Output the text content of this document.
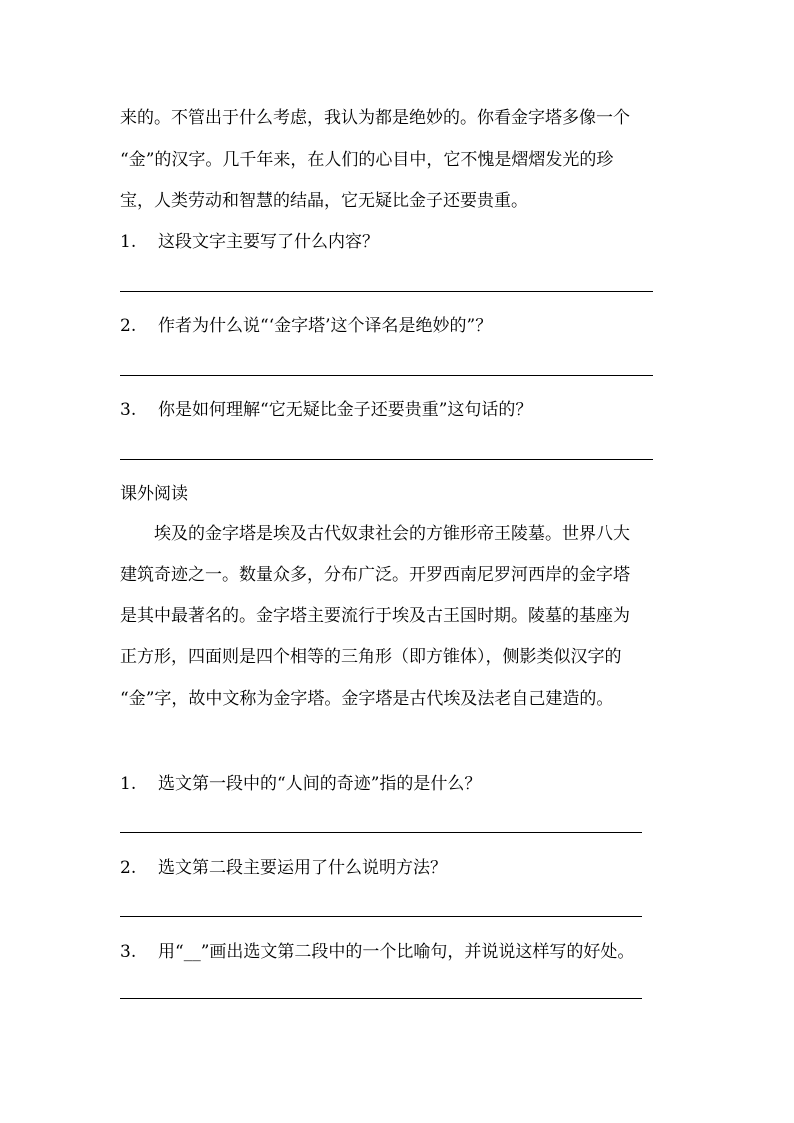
来的。不管出于什么考虑，我认为都是绝妙的。你看金字塔多像一个
“金”的汉字。几千年来，在人们的心目中，它不愧是熠熠发光的珍
宝，人类劳动和智慧的结晶，它无疑比金子还要贵重。
1. 这段文字主要写了什么内容？
2. 作者为什么说“‘金字塔’这个译名是绝妙的”？
3. 你是如何理解“它无疑比金子还要贵重”这句话的？
课外阅读
　　埃及的金字塔是埃及古代奴隶社会的方锥形帝王陵墓。世界八大
建筑奇迹之一。数量众多，分布广泛。开罗西南尼罗河西岸的金字塔
是其中最著名的。金字塔主要流行于埃及古王国时期。陵墓的基座为
正方形，四面则是四个相等的三角形（即方锥体），侧影类似汉字的
“金”字，故中文称为金字塔。金字塔是古代埃及法老自己建造的。
1. 选文第一段中的“人间的奇迹”指的是什么？
2. 选文第二段主要运用了什么说明方法？
3. 用“__”画出选文第二段中的一个比喻句，并说说这样写的好处。
